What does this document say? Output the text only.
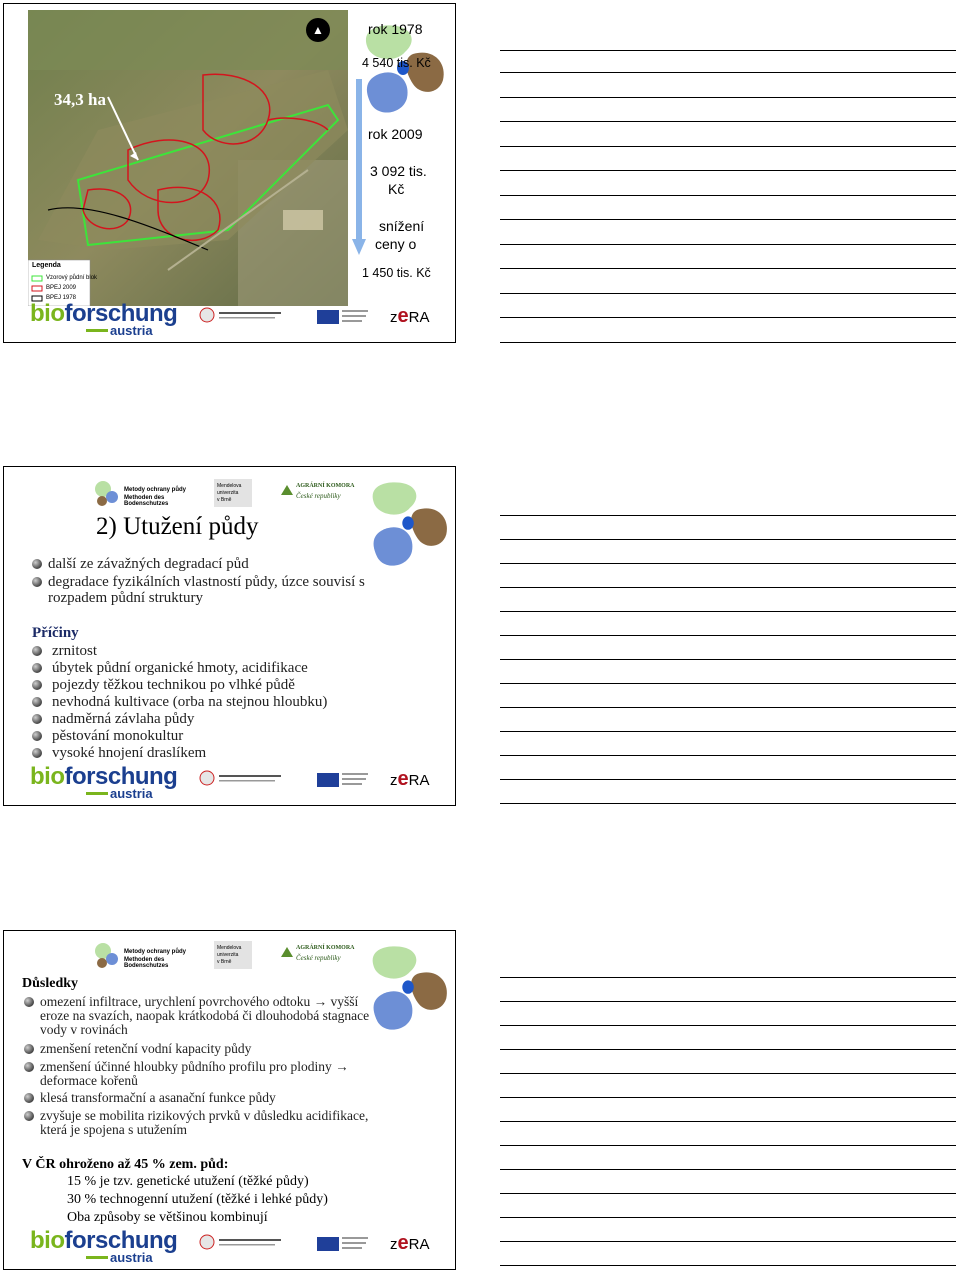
34,3 ha
Legenda
Vzorový půdní blok
BPEJ 2009
BPEJ 1978
▲	rok 1978
4 540 tis. Kč
rok 2009
3 092 tis.
Kč
snížení
ceny o
1 450 tis. Kč
bioforschung
austria
zeRA
Metody ochrany půdy
Methoden des Bodenschutzes
Mendelova
univerzita
v Brně
AGRÁRNÍ KOMORA
České republiky
2) Utužení půdy
další ze závažných degradací půd
degradace fyzikálních vlastností půdy, úzce souvisí s
rozpadem půdní struktury
Příčiny
zrnitost
úbytek půdní organické hmoty, acidifikace
pojezdy těžkou technikou po vlhké půdě
nevhodná kultivace (orba na stejnou hloubku)
nadměrná závlaha půdy
pěstování monokultur
vysoké hnojení draslíkem
bioforschung
austria
zeRA
Metody ochrany půdy
Methoden des Bodenschutzes
Mendelova
univerzita
v Brně
AGRÁRNÍ KOMORA
České republiky
Důsledky
omezení infiltrace, urychlení povrchového odtoku → vyšší
eroze na svazích, naopak krátkodobá či dlouhodobá stagnace
vody v rovinách
zmenšení retenční vodní kapacity půdy
zmenšení účinné hloubky půdního profilu pro plodiny →
deformace kořenů
klesá transformační a asanační funkce půdy
zvyšuje se mobilita rizikových prvků v důsledku acidifikace,
která je spojena s utužením
V ČR ohroženo až 45 % zem. půd:
15 % je tzv. genetické utužení (těžké půdy)
30 % technogenní utužení (těžké i lehké půdy)
Oba způsoby se většinou kombinují
bioforschung
austria
zeRA
